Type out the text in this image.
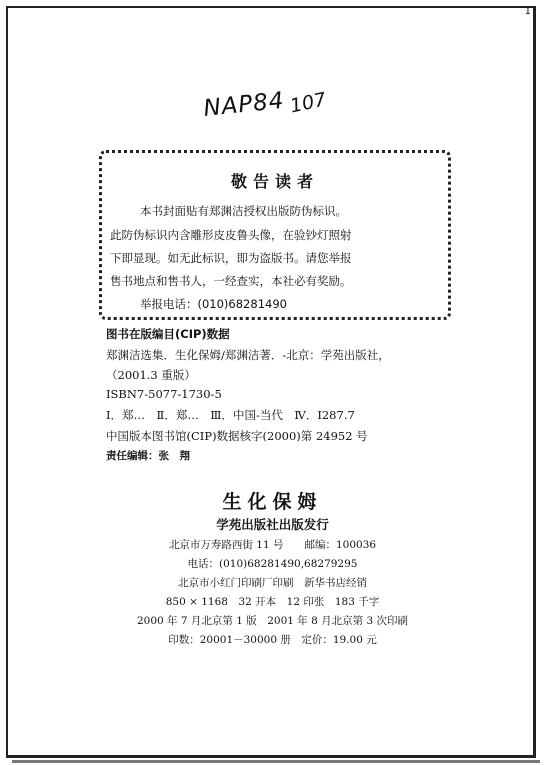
1
NAP84 107
敬告读者
本书封面贴有郑渊洁授权出版防伪标识。
此防伪标识内含雕形皮皮鲁头像，在验钞灯照射
下即显现。如无此标识，即为盗版书。请您举报
售书地点和售书人，一经查实，本社必有奖励。
举报电话：(010)68281490
图书在版编目(CIP)数据
郑渊洁选集．生化保姆/郑渊洁著．-北京：学苑出版社，
（2001.3 重版）
ISBN7-5077-1730-5
Ⅰ．郑…　Ⅱ．郑…　Ⅲ．中国-当代　Ⅳ．I287.7
中国版本图书馆(CIP)数据核字(2000)第 24952 号
责任编辑：张　翔
生化保姆
学苑出版社出版发行
北京市万寿路西街 11 号　　邮编：100036
电话：(010)68281490,68279295
北京市小红门印刷厂印刷　新华书店经销
850 × 1168　32 开本　12 印张　183 千字
2000 年 7 月北京第 1 版　2001 年 8 月北京第 3 次印刷
印数：20001－30000 册　定价：19.00 元
